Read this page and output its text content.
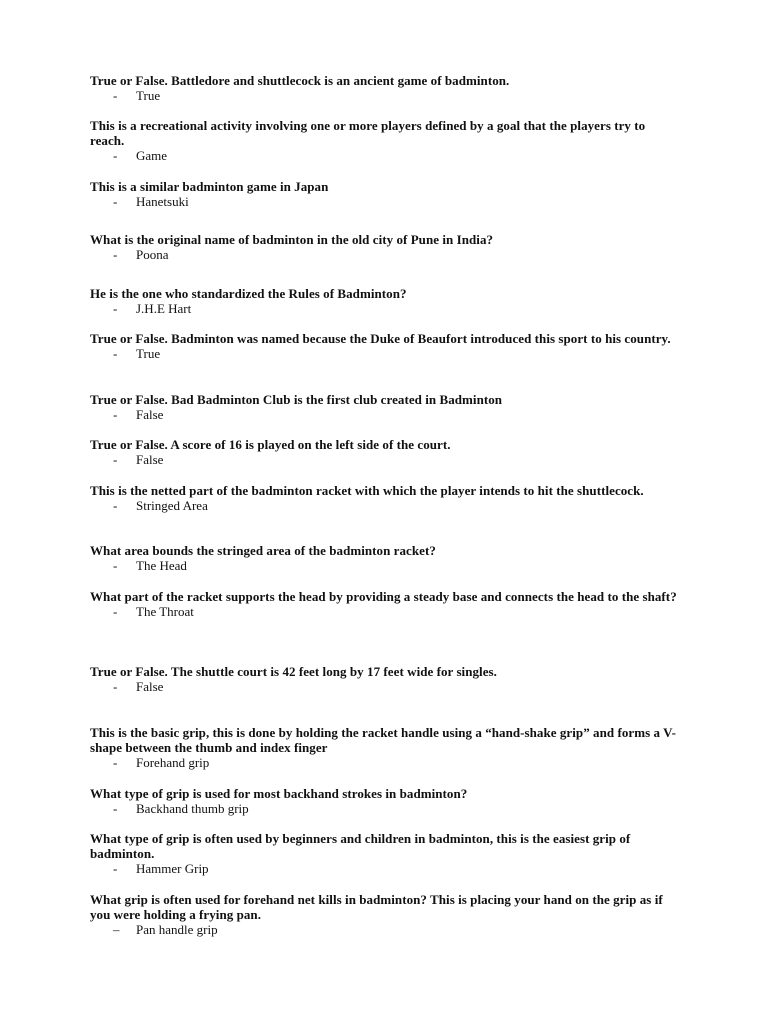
True or False. Battledore and shuttlecock is an ancient game of badminton.

- True

This is a recreational activity involving one or more players defined by a goal that the players try to reach.

- Game

This is a similar badminton game in Japan

- Hanetsuki

What is the original name of badminton in the old city of Pune in India?

- Poona

He is the one who standardized the Rules of Badminton?

- J.H.E Hart

True or False. Badminton was named because the Duke of Beaufort introduced this sport to his country.

- True

True or False. Bad Badminton Club is the first club created in Badminton

- False

True or False. A score of 16 is played on the left side of the court.

- False

This is the netted part of the badminton racket with which the player intends to hit the shuttlecock.

- Stringed Area

What area bounds the stringed area of the badminton racket?

- The Head

What part of the racket supports the head by providing a steady base and connects the head to the shaft?

- The Throat

True or False. The shuttle court is 42 feet long by 17 feet wide for singles.

- False

This is the basic grip, this is done by holding the racket handle using a “hand-shake grip” and forms a V-shape between the thumb and index finger

- Forehand grip

What type of grip is used for most backhand strokes in badminton?

- Backhand thumb grip

What type of grip is often used by beginners and children in badminton, this is the easiest grip of badminton.

- Hammer Grip

What grip is often used for forehand net kills in badminton? This is placing your hand on the grip as if you were holding a frying pan.

– Pan handle grip
